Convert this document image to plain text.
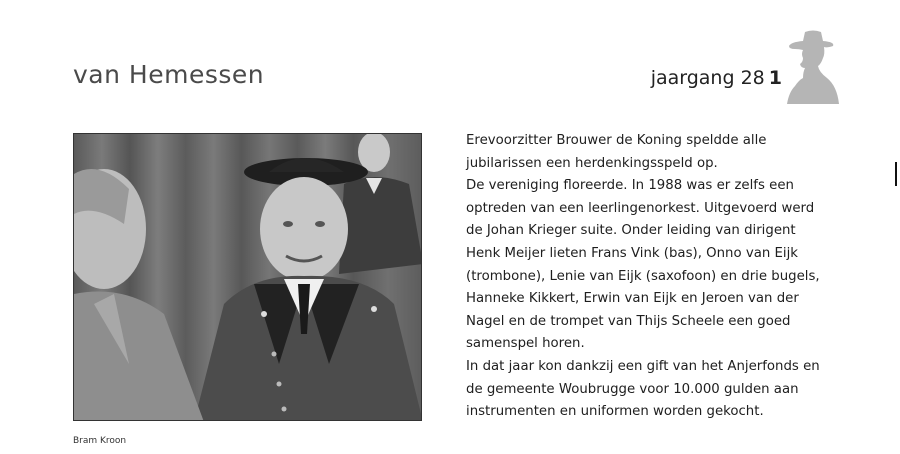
van Hemessen	jaargang 28 1
Bram Kroon

Erevoorzitter Brouwer de Koning speldde alle jubilarissen een herdenkingsspeld op.

De vereniging floreerde. In 1988 was er zelfs een optreden van een leerlingenorkest. Uitgevoerd werd de Johan Krieger suite. Onder leiding van dirigent Henk Meijer lieten Frans Vink (bas), Onno van Eijk (trombone), Lenie van Eijk (saxofoon) en drie bugels, Hanneke Kikkert, Erwin van Eijk en Jeroen van der Nagel en de trompet van Thijs Scheele een goed samenspel horen.

In dat jaar kon dankzij een gift van het Anjerfonds en de gemeente Woubrugge voor 10.000 gulden aan instrumenten en uniformen worden gekocht.
